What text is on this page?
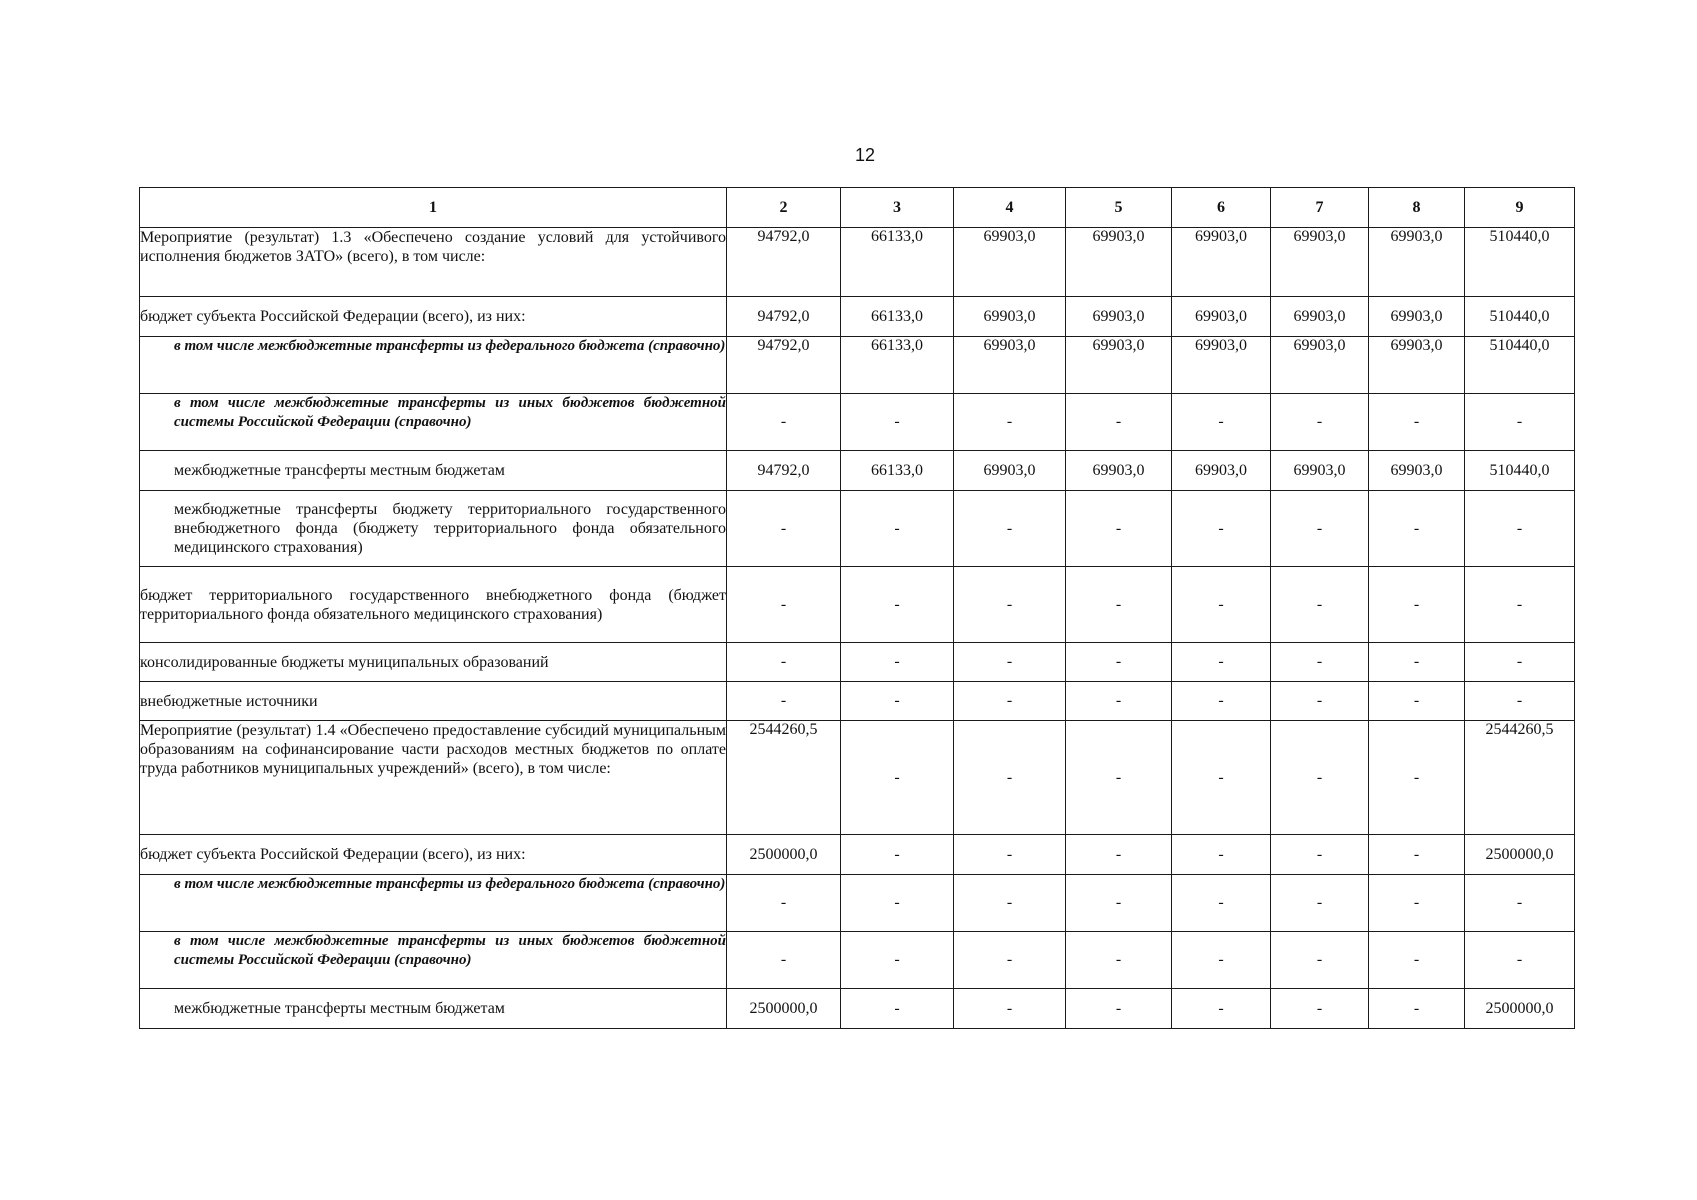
12
1	2	3	4	5	6	7	8	9
Мероприятие (результат) 1.3 «Обеспечено создание условий для устойчивого исполнения бюджетов ЗАТО» (всего), в том числе:	94792,0	66133,0	69903,0	69903,0	69903,0	69903,0	69903,0	510440,0
бюджет субъекта Российской Федерации (всего), из них:	94792,0	66133,0	69903,0	69903,0	69903,0	69903,0	69903,0	510440,0
в том числе межбюджетные трансферты из федерального бюджета (справочно)	94792,0	66133,0	69903,0	69903,0	69903,0	69903,0	69903,0	510440,0
в том числе межбюджетные трансферты из иных бюджетов бюджетной системы Российской Федерации (справочно)	-	-	-	-	-	-	-	-
межбюджетные трансферты местным бюджетам	94792,0	66133,0	69903,0	69903,0	69903,0	69903,0	69903,0	510440,0
межбюджетные трансферты бюджету территориального государственного внебюджетного фонда (бюджету территориального фонда обязательного медицинского страхования)	-	-	-	-	-	-	-	-
бюджет территориального государственного внебюджетного фонда (бюджет территориального фонда обязательного медицинского страхования)	-	-	-	-	-	-	-	-
консолидированные бюджеты муниципальных образований	-	-	-	-	-	-	-	-
внебюджетные источники	-	-	-	-	-	-	-	-
Мероприятие (результат) 1.4 «Обеспечено предоставление субсидий муниципальным образованиям на софинансирование части расходов местных бюджетов по оплате труда работников муниципальных учреждений» (всего), в том числе:	2544260,5	-	-	-	-	-	-	2544260,5
бюджет субъекта Российской Федерации (всего), из них:	2500000,0	-	-	-	-	-	-	2500000,0
в том числе межбюджетные трансферты из федерального бюджета (справочно)	-	-	-	-	-	-	-	-
в том числе межбюджетные трансферты из иных бюджетов бюджетной системы Российской Федерации (справочно)	-	-	-	-	-	-	-	-
межбюджетные трансферты местным бюджетам	2500000,0	-	-	-	-	-	-	2500000,0
